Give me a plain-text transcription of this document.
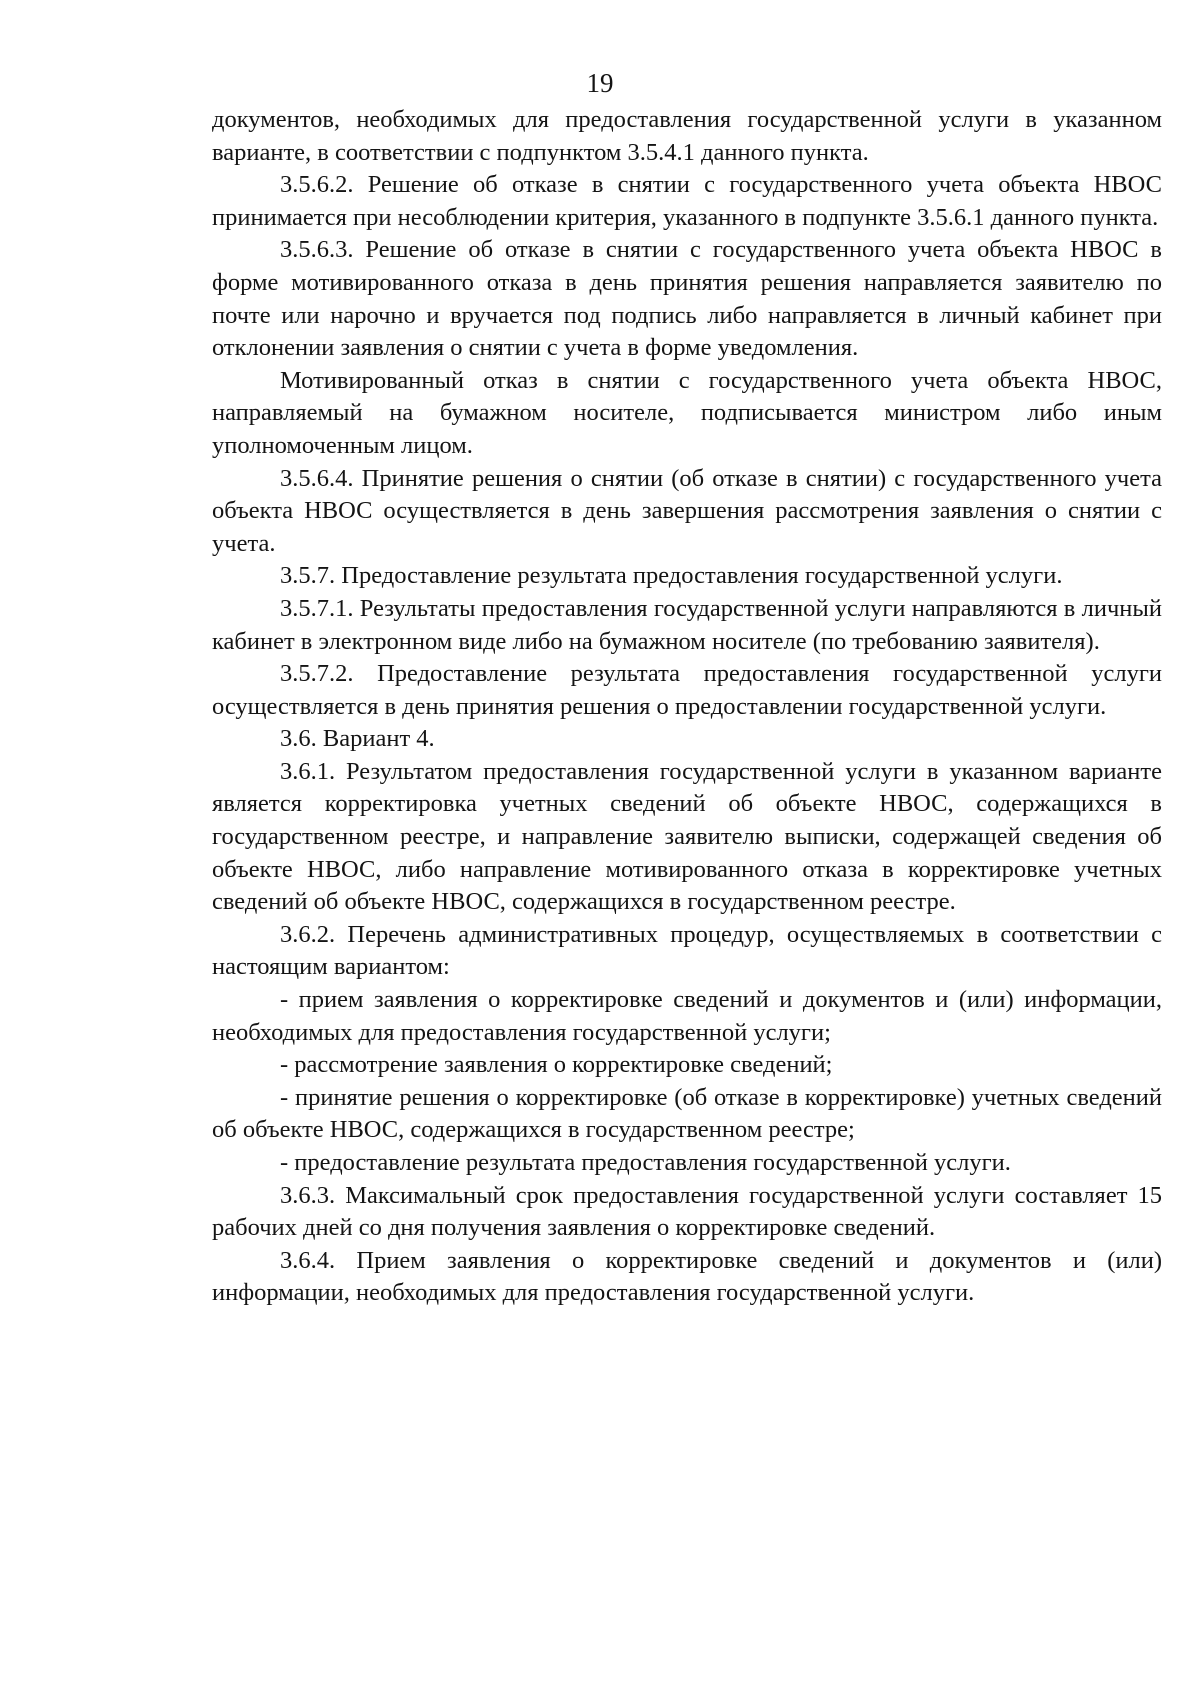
19

документов, необходимых для предоставления государственной услуги в указанном варианте, в соответствии с подпунктом 3.5.4.1 данного пункта.

3.5.6.2. Решение об отказе в снятии с государственного учета объекта НВОС принимается при несоблюдении критерия, указанного в подпункте 3.5.6.1 данного пункта.

3.5.6.3. Решение об отказе в снятии с государственного учета объекта НВОС в форме мотивированного отказа в день принятия решения направляется заявителю по почте или нарочно и вручается под подпись либо направляется в личный кабинет при отклонении заявления о снятии с учета в форме уведомления.

Мотивированный отказ в снятии с государственного учета объекта НВОС, направляемый на бумажном носителе, подписывается министром либо иным уполномоченным лицом.

3.5.6.4. Принятие решения о снятии (об отказе в снятии) с государственного учета объекта НВОС осуществляется в день завершения рассмотрения заявления о снятии с учета.

3.5.7. Предоставление результата предоставления государственной услуги.

3.5.7.1. Результаты предоставления государственной услуги направляются в личный кабинет в электронном виде либо на бумажном носителе (по требованию заявителя).

3.5.7.2. Предоставление результата предоставления государственной услуги осуществляется в день принятия решения о предоставлении государственной услуги.

3.6. Вариант 4.

3.6.1. Результатом предоставления государственной услуги в указанном варианте является корректировка учетных сведений об объекте НВОС, содержащихся в государственном реестре, и направление заявителю выписки, содержащей сведения об объекте НВОС, либо направление мотивированного отказа в корректировке учетных сведений об объекте НВОС, содержащихся в государственном реестре.

3.6.2. Перечень административных процедур, осуществляемых в соответствии с настоящим вариантом:

- прием заявления о корректировке сведений и документов и (или) информации, необходимых для предоставления государственной услуги;

- рассмотрение заявления о корректировке сведений;

- принятие решения о корректировке (об отказе в корректировке) учетных сведений об объекте НВОС, содержащихся в государственном реестре;

- предоставление результата предоставления государственной услуги.

3.6.3. Максимальный срок предоставления государственной услуги составляет 15 рабочих дней со дня получения заявления о корректировке сведений.

3.6.4. Прием заявления о корректировке сведений и документов и (или) информации, необходимых для предоставления государственной услуги.
